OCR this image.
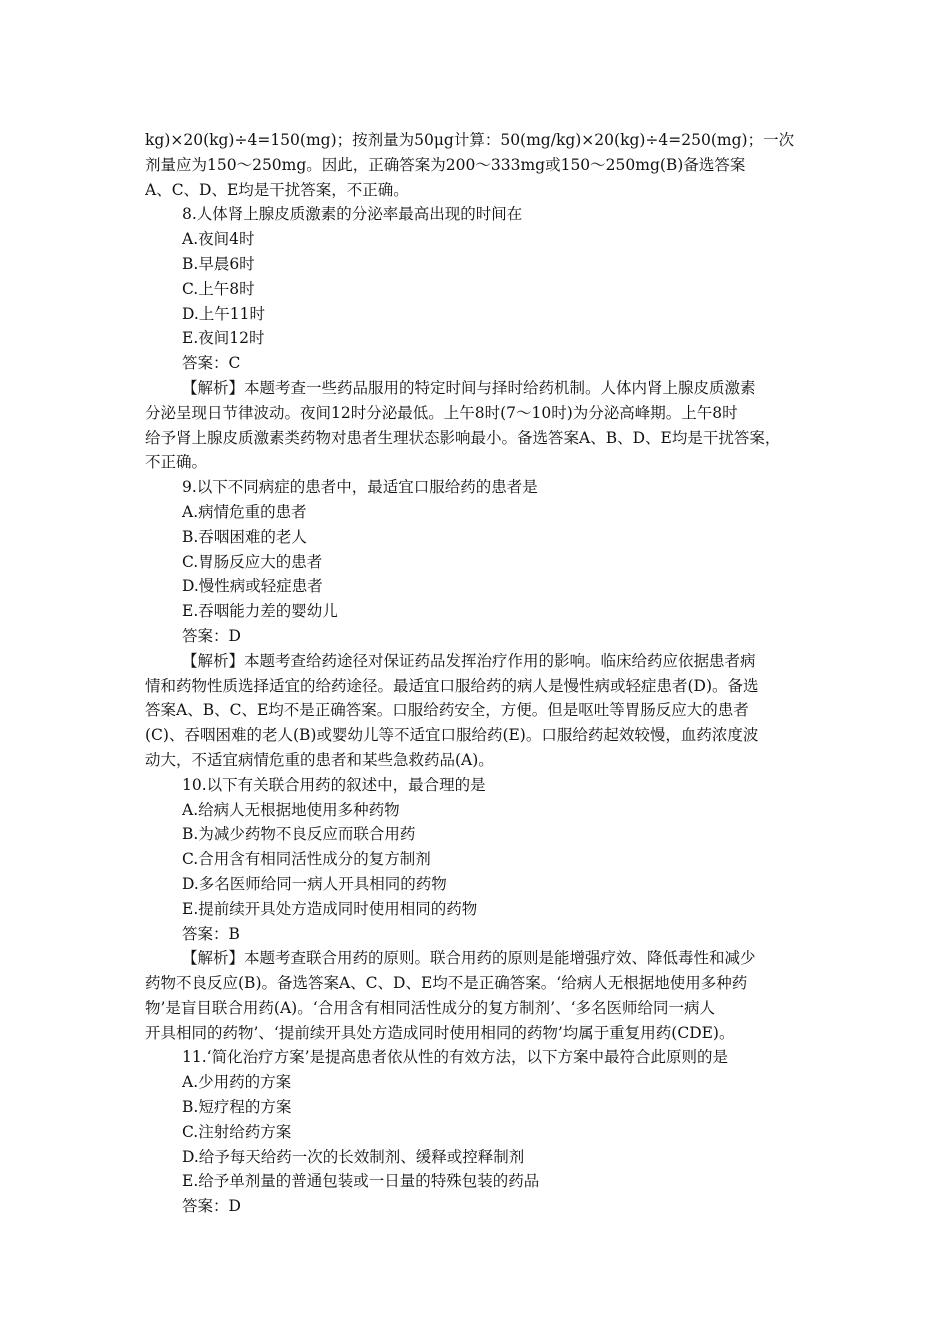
kg)×20(kg)÷4=150(mg)；按剂量为50μg计算：50(mg/kg)×20(kg)÷4=250(mg)；一次
剂量应为150～250mg。因此，正确答案为200～333mg或150～250mg(B)备选答案
A、C、D、E均是干扰答案，不正确。
8.人体肾上腺皮质激素的分泌率最高出现的时间在
A.夜间4时
B.早晨6时
C.上午8时
D.上午11时
E.夜间12时
答案：C
【解析】本题考查一些药品服用的特定时间与择时给药机制。人体内肾上腺皮质激素
分泌呈现日节律波动。夜间12时分泌最低。上午8时(7～10时)为分泌高峰期。上午8时
给予肾上腺皮质激素类药物对患者生理状态影响最小。备选答案A、B、D、E均是干扰答案，
不正确。
9.以下不同病症的患者中，最适宜口服给药的患者是
A.病情危重的患者
B.吞咽困难的老人
C.胃肠反应大的患者
D.慢性病或轻症患者
E.吞咽能力差的婴幼儿
答案：D
【解析】本题考查给药途径对保证药品发挥治疗作用的影响。临床给药应依据患者病
情和药物性质选择适宜的给药途径。最适宜口服给药的病人是慢性病或轻症患者(D)。备选
答案A、B、C、E均不是正确答案。口服给药安全，方便。但是呕吐等胃肠反应大的患者
(C)、吞咽困难的老人(B)或婴幼儿等不适宜口服给药(E)。口服给药起效较慢，血药浓度波
动大，不适宜病情危重的患者和某些急救药品(A)。
10.以下有关联合用药的叙述中，最合理的是
A.给病人无根据地使用多种药物
B.为减少药物不良反应而联合用药
C.合用含有相同活性成分的复方制剂
D.多名医师给同一病人开具相同的药物
E.提前续开具处方造成同时使用相同的药物
答案：B
【解析】本题考查联合用药的原则。联合用药的原则是能增强疗效、降低毒性和减少
药物不良反应(B)。备选答案A、C、D、E均不是正确答案。‘给病人无根据地使用多种药
物’是盲目联合用药(A)。‘合用含有相同活性成分的复方制剂’、‘多名医师给同一病人
开具相同的药物’、‘提前续开具处方造成同时使用相同的药物’均属于重复用药(CDE)。
11.‘简化治疗方案’是提高患者依从性的有效方法，以下方案中最符合此原则的是
A.少用药的方案
B.短疗程的方案
C.注射给药方案
D.给予每天给药一次的长效制剂、缓释或控释制剂
E.给予单剂量的普通包装或一日量的特殊包装的药品
答案：D
